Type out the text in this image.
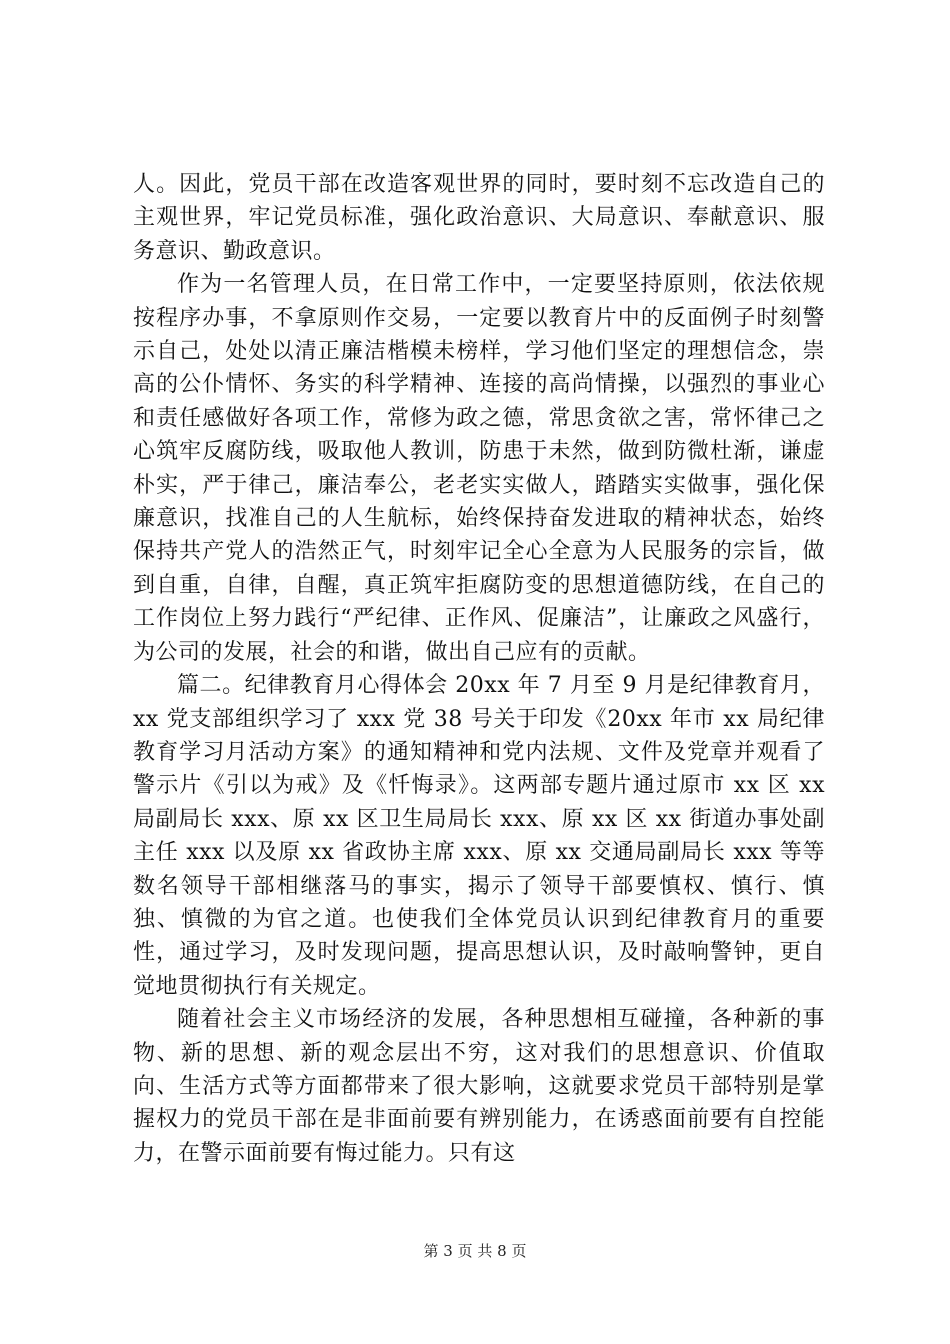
人。因此，党员干部在改造客观世界的同时，要时刻不忘改造自己的主观世界，牢记党员标准，强化政治意识、大局意识、奉献意识、服务意识、勤政意识。

作为一名管理人员，在日常工作中，一定要坚持原则，依法依规按程序办事，不拿原则作交易，一定要以教育片中的反面例子时刻警示自己，处处以清正廉洁楷模未榜样，学习他们坚定的理想信念，崇高的公仆情怀、务实的科学精神、连接的高尚情操，以强烈的事业心和责任感做好各项工作，常修为政之德，常思贪欲之害，常怀律己之心筑牢反腐防线，吸取他人教训，防患于未然，做到防微杜渐，谦虚朴实，严于律己，廉洁奉公，老老实实做人，踏踏实实做事，强化保廉意识，找准自己的人生航标，始终保持奋发进取的精神状态，始终保持共产党人的浩然正气，时刻牢记全心全意为人民服务的宗旨，做到自重，自律，自醒，真正筑牢拒腐防变的思想道德防线，在自己的工作岗位上努力践行“严纪律、正作风、促廉洁”，让廉政之风盛行，为公司的发展，社会的和谐，做出自己应有的贡献。

篇二。纪律教育月心得体会 20xx 年 7 月至 9 月是纪律教育月，xx 党支部组织学习了 xxx 党 38 号关于印发《20xx 年市 xx 局纪律教育学习月活动方案》的通知精神和党内法规、文件及党章并观看了警示片《引以为戒》及《忏悔录》。这两部专题片通过原市 xx 区 xx 局副局长 xxx、原 xx 区卫生局局长 xxx、原 xx 区 xx 街道办事处副主任 xxx 以及原 xx 省政协主席 xxx、原 xx 交通局副局长 xxx 等等数名领导干部相继落马的事实，揭示了领导干部要慎权、慎行、慎独、慎微的为官之道。也使我们全体党员认识到纪律教育月的重要性，通过学习，及时发现问题，提高思想认识，及时敲响警钟，更自觉地贯彻执行有关规定。

随着社会主义市场经济的发展，各种思想相互碰撞，各种新的事物、新的思想、新的观念层出不穷，这对我们的思想意识、价值取向、生活方式等方面都带来了很大影响，这就要求党员干部特别是掌握权力的党员干部在是非面前要有辨别能力，在诱惑面前要有自控能力，在警示面前要有悔过能力。只有这

第 3 页 共 8 页
